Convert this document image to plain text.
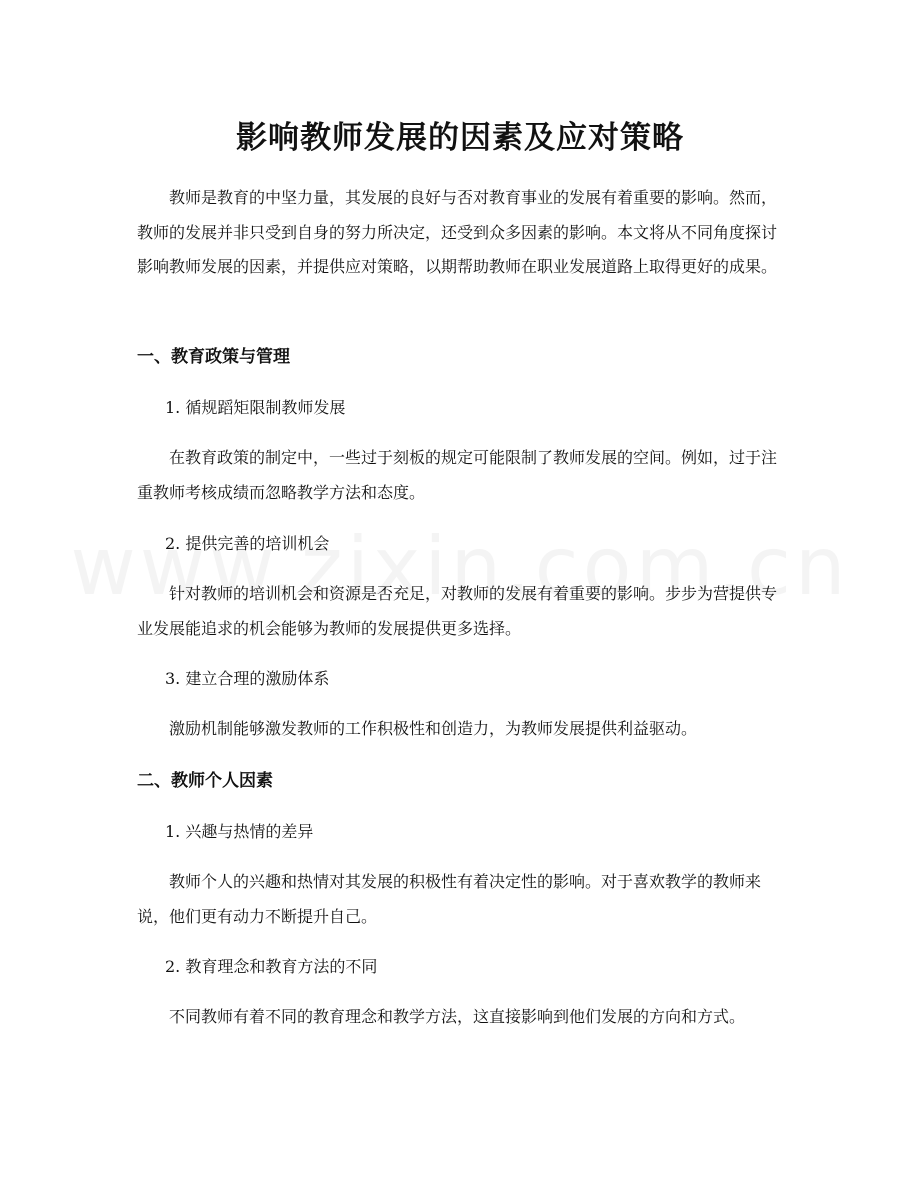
影响教师发展的因素及应对策略

教师是教育的中坚力量，其发展的良好与否对教育事业的发展有着重要的影响。然而，教师的发展并非只受到自身的努力所决定，还受到众多因素的影响。本文将从不同角度探讨影响教师发展的因素，并提供应对策略，以期帮助教师在职业发展道路上取得更好的成果。

一、教育政策与管理

1. 循规蹈矩限制教师发展

在教育政策的制定中，一些过于刻板的规定可能限制了教师发展的空间。例如，过于注重教师考核成绩而忽略教学方法和态度。

2. 提供完善的培训机会

针对教师的培训机会和资源是否充足，对教师的发展有着重要的影响。步步为营提供专业发展能追求的机会能够为教师的发展提供更多选择。

3. 建立合理的激励体系

激励机制能够激发教师的工作积极性和创造力，为教师发展提供利益驱动。

二、教师个人因素

1. 兴趣与热情的差异

教师个人的兴趣和热情对其发展的积极性有着决定性的影响。对于喜欢教学的教师来说，他们更有动力不断提升自己。

2. 教育理念和教育方法的不同

不同教师有着不同的教育理念和教学方法，这直接影响到他们发展的方向和方式。
